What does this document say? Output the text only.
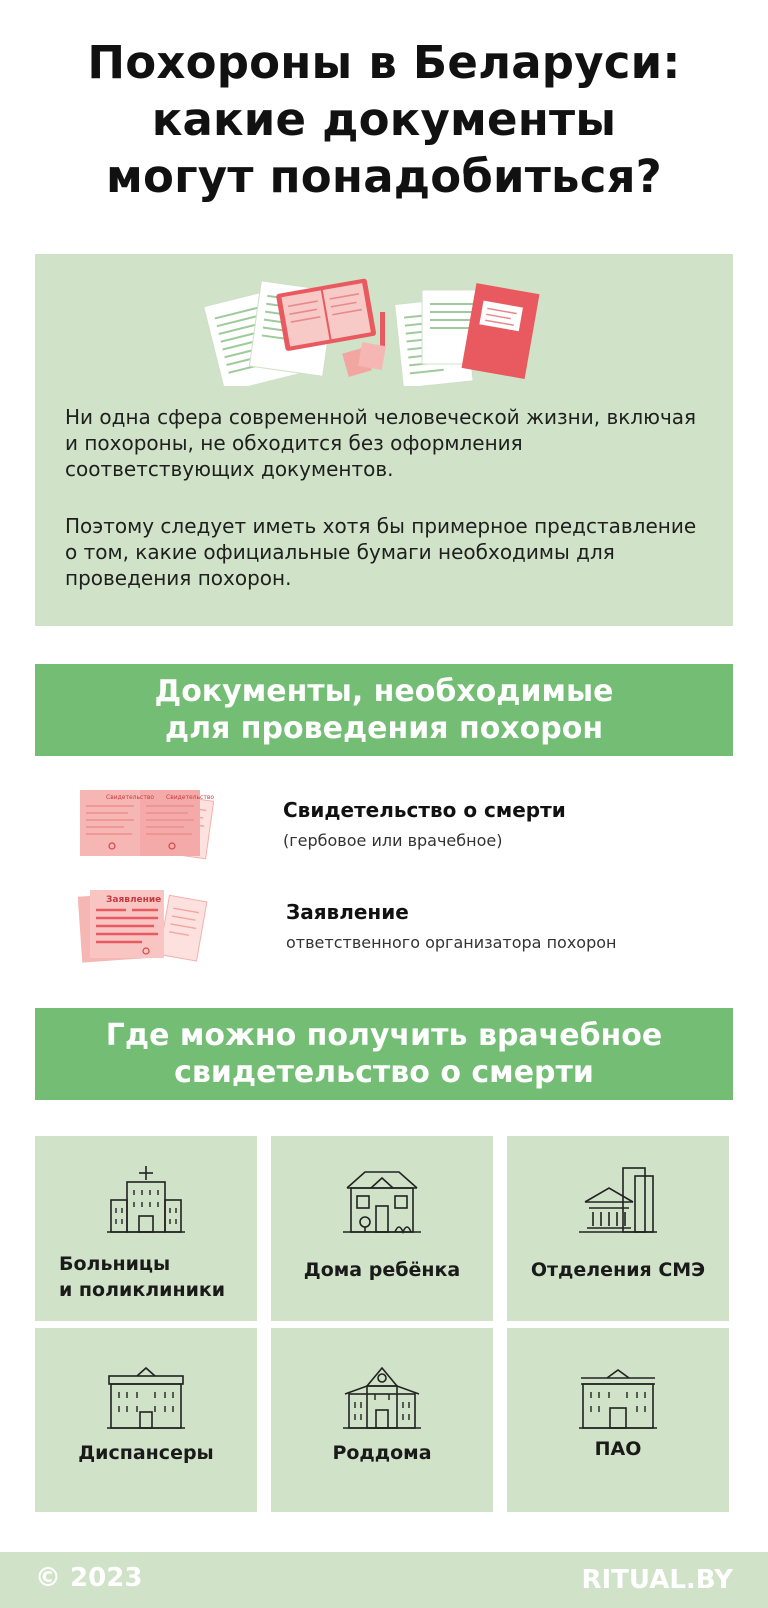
Похороны в Беларуси:
какие документы
могут понадобиться?

Ни одна сфера современной человеческой жизни, включая и похороны, не обходится без оформления соответствующих документов.

Поэтому следует иметь хотя бы примерное представление о том, какие официальные бумаги необходимы для проведения похорон.

Документы, необходимые
для проведения похорон
Свидетельство Свидетельство
Свидетельство о смерти
(гербовое или врачебное)
Заявление	Заявление
ответственного организатора похорон
Где можно получить врачебное
свидетельство о смерти
Больницы
и поликлиники
Дома ребёнка	Отделения СМЭ
Диспансеры	Роддома	ПАО
© 2023	RITUAL.BY
